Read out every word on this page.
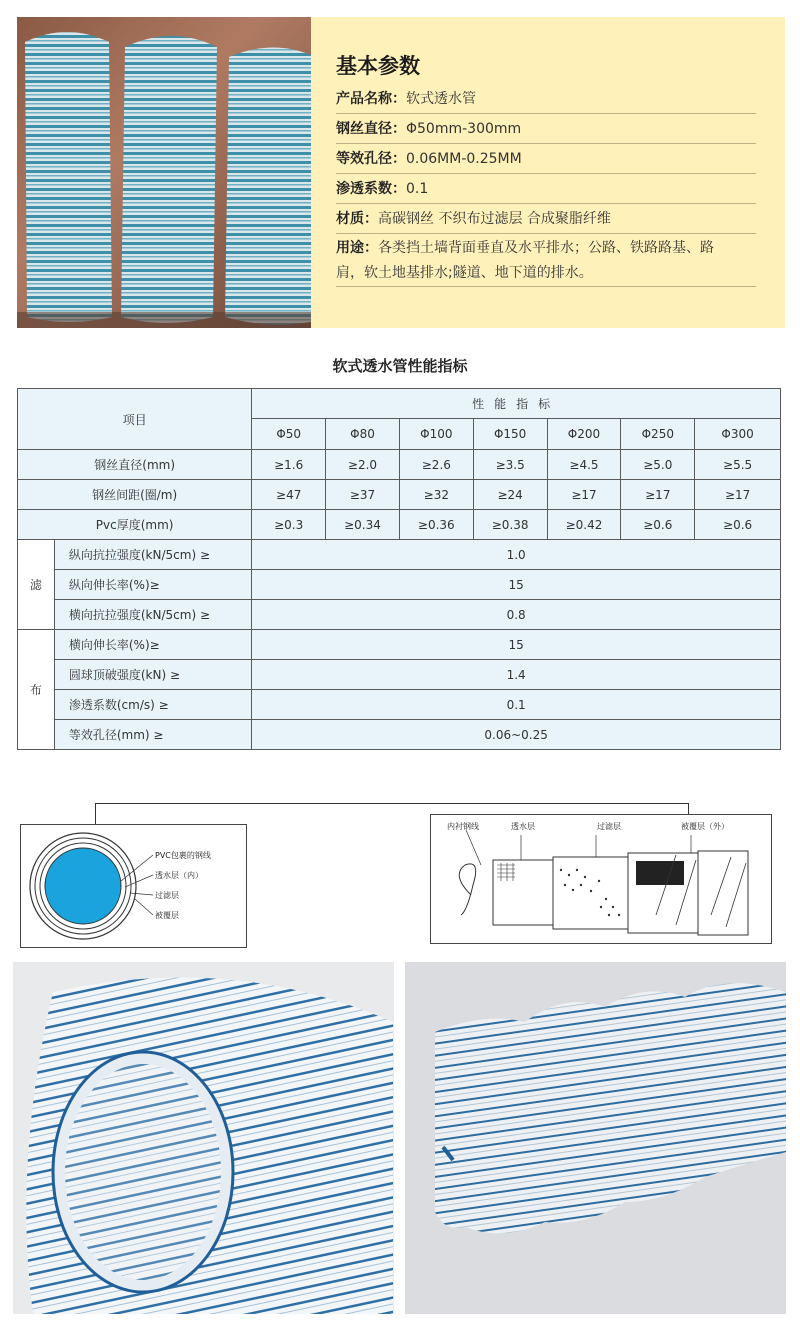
基本参数
产品名称：软式透水管
钢丝直径：Φ50mm-300mm
等效孔径：0.06MM-0.25MM
渗透系数：0.1
材质：高碳钢丝 不织布过滤层 合成聚脂纤维
用途：各类挡土墙背面垂直及水平排水；公路、铁路路基、路
肩，软土地基排水;隧道、地下道的排水。
软式透水管性能指标
项目		性能指标						
		Φ50	Φ80	Φ100	Φ150	Φ200	Φ250	Φ300
钢丝直径(mm)		≥1.6	≥2.0	≥2.6	≥3.5	≥4.5	≥5.0	≥5.5
钢丝间距(圈/m)		≥47	≥37	≥32	≥24	≥17	≥17	≥17
Pvc厚度(mm)		≥0.3	≥0.34	≥0.36	≥0.38	≥0.42	≥0.6	≥0.6
滤	纵向抗拉强度(kN/5cm) ≥	1.0						
	纵向伸长率(%)≥	15						
	横向抗拉强度(kN/5cm) ≥	0.8						
布	横向伸长率(%)≥	15						
	圆球顶破强度(kN) ≥	1.4						
	渗透系数(cm/s) ≥	0.1						
	等效孔径(mm) ≥	0.06~0.25						
PVC包裹的钢线
透水层（内）
过滤层
被覆层
内衬钢线	透水层	过滤层	被覆层（外）
